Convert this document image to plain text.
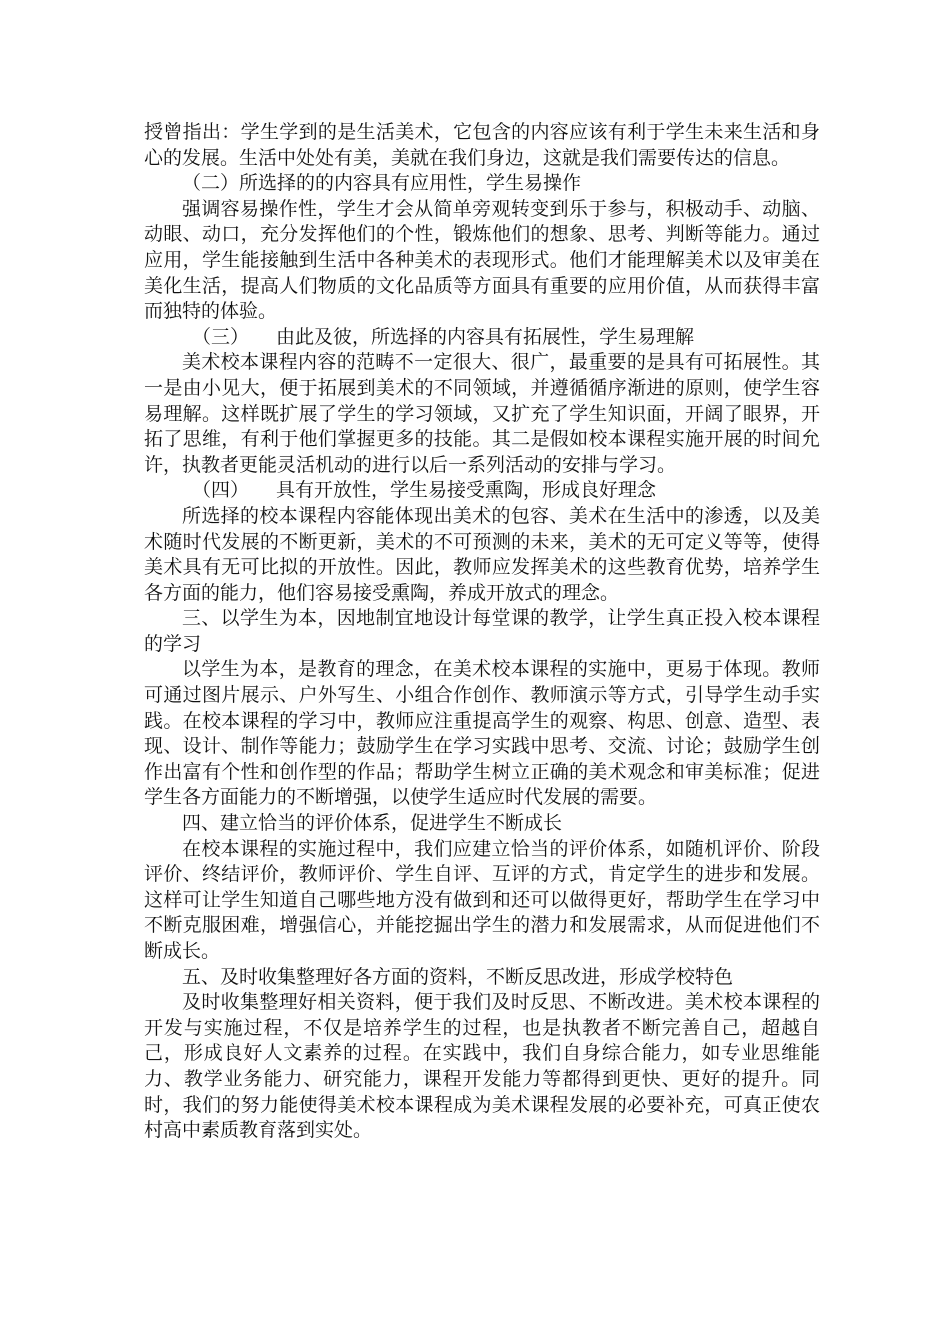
授曾指出：学生学到的是生活美术，它包含的内容应该有利于学生未来生活和身心的发展。生活中处处有美，美就在我们身边，这就是我们需要传达的信息。

（二）所选择的的内容具有应用性，学生易操作

强调容易操作性，学生才会从简单旁观转变到乐于参与，积极动手、动脑、动眼、动口，充分发挥他们的个性，锻炼他们的想象、思考、判断等能力。通过应用，学生能接触到生活中各种美术的表现形式。他们才能理解美术以及审美在美化生活，提高人们物质的文化品质等方面具有重要的应用价值，从而获得丰富而独特的体验。

（三） 由此及彼，所选择的内容具有拓展性，学生易理解

美术校本课程内容的范畴不一定很大、很广，最重要的是具有可拓展性。其一是由小见大，便于拓展到美术的不同领域，并遵循循序渐进的原则，使学生容易理解。这样既扩展了学生的学习领域，又扩充了学生知识面，开阔了眼界，开拓了思维，有利于他们掌握更多的技能。其二是假如校本课程实施开展的时间允许，执教者更能灵活机动的进行以后一系列活动的安排与学习。

（四） 具有开放性，学生易接受熏陶，形成良好理念

所选择的校本课程内容能体现出美术的包容、美术在生活中的渗透，以及美术随时代发展的不断更新，美术的不可预测的未来，美术的无可定义等等，使得美术具有无可比拟的开放性。因此，教师应发挥美术的这些教育优势，培养学生各方面的能力，他们容易接受熏陶，养成开放式的理念。

三、以学生为本，因地制宜地设计每堂课的教学，让学生真正投入校本课程的学习

以学生为本，是教育的理念，在美术校本课程的实施中，更易于体现。教师可通过图片展示、户外写生、小组合作创作、教师演示等方式，引导学生动手实践。在校本课程的学习中，教师应注重提高学生的观察、构思、创意、造型、表现、设计、制作等能力；鼓励学生在学习实践中思考、交流、讨论；鼓励学生创作出富有个性和创作型的作品；帮助学生树立正确的美术观念和审美标准；促进学生各方面能力的不断增强，以使学生适应时代发展的需要。

四、建立恰当的评价体系，促进学生不断成长

在校本课程的实施过程中，我们应建立恰当的评价体系，如随机评价、阶段评价、终结评价，教师评价、学生自评、互评的方式，肯定学生的进步和发展。这样可让学生知道自己哪些地方没有做到和还可以做得更好，帮助学生在学习中不断克服困难，增强信心，并能挖掘出学生的潜力和发展需求，从而促进他们不断成长。

五、及时收集整理好各方面的资料，不断反思改进，形成学校特色

及时收集整理好相关资料，便于我们及时反思、不断改进。美术校本课程的开发与实施过程，不仅是培养学生的过程，也是执教者不断完善自己，超越自己，形成良好人文素养的过程。在实践中，我们自身综合能力，如专业思维能力、教学业务能力、研究能力，课程开发能力等都得到更快、更好的提升。同时，我们的努力能使得美术校本课程成为美术课程发展的必要补充，可真正使农村高中素质教育落到实处。
